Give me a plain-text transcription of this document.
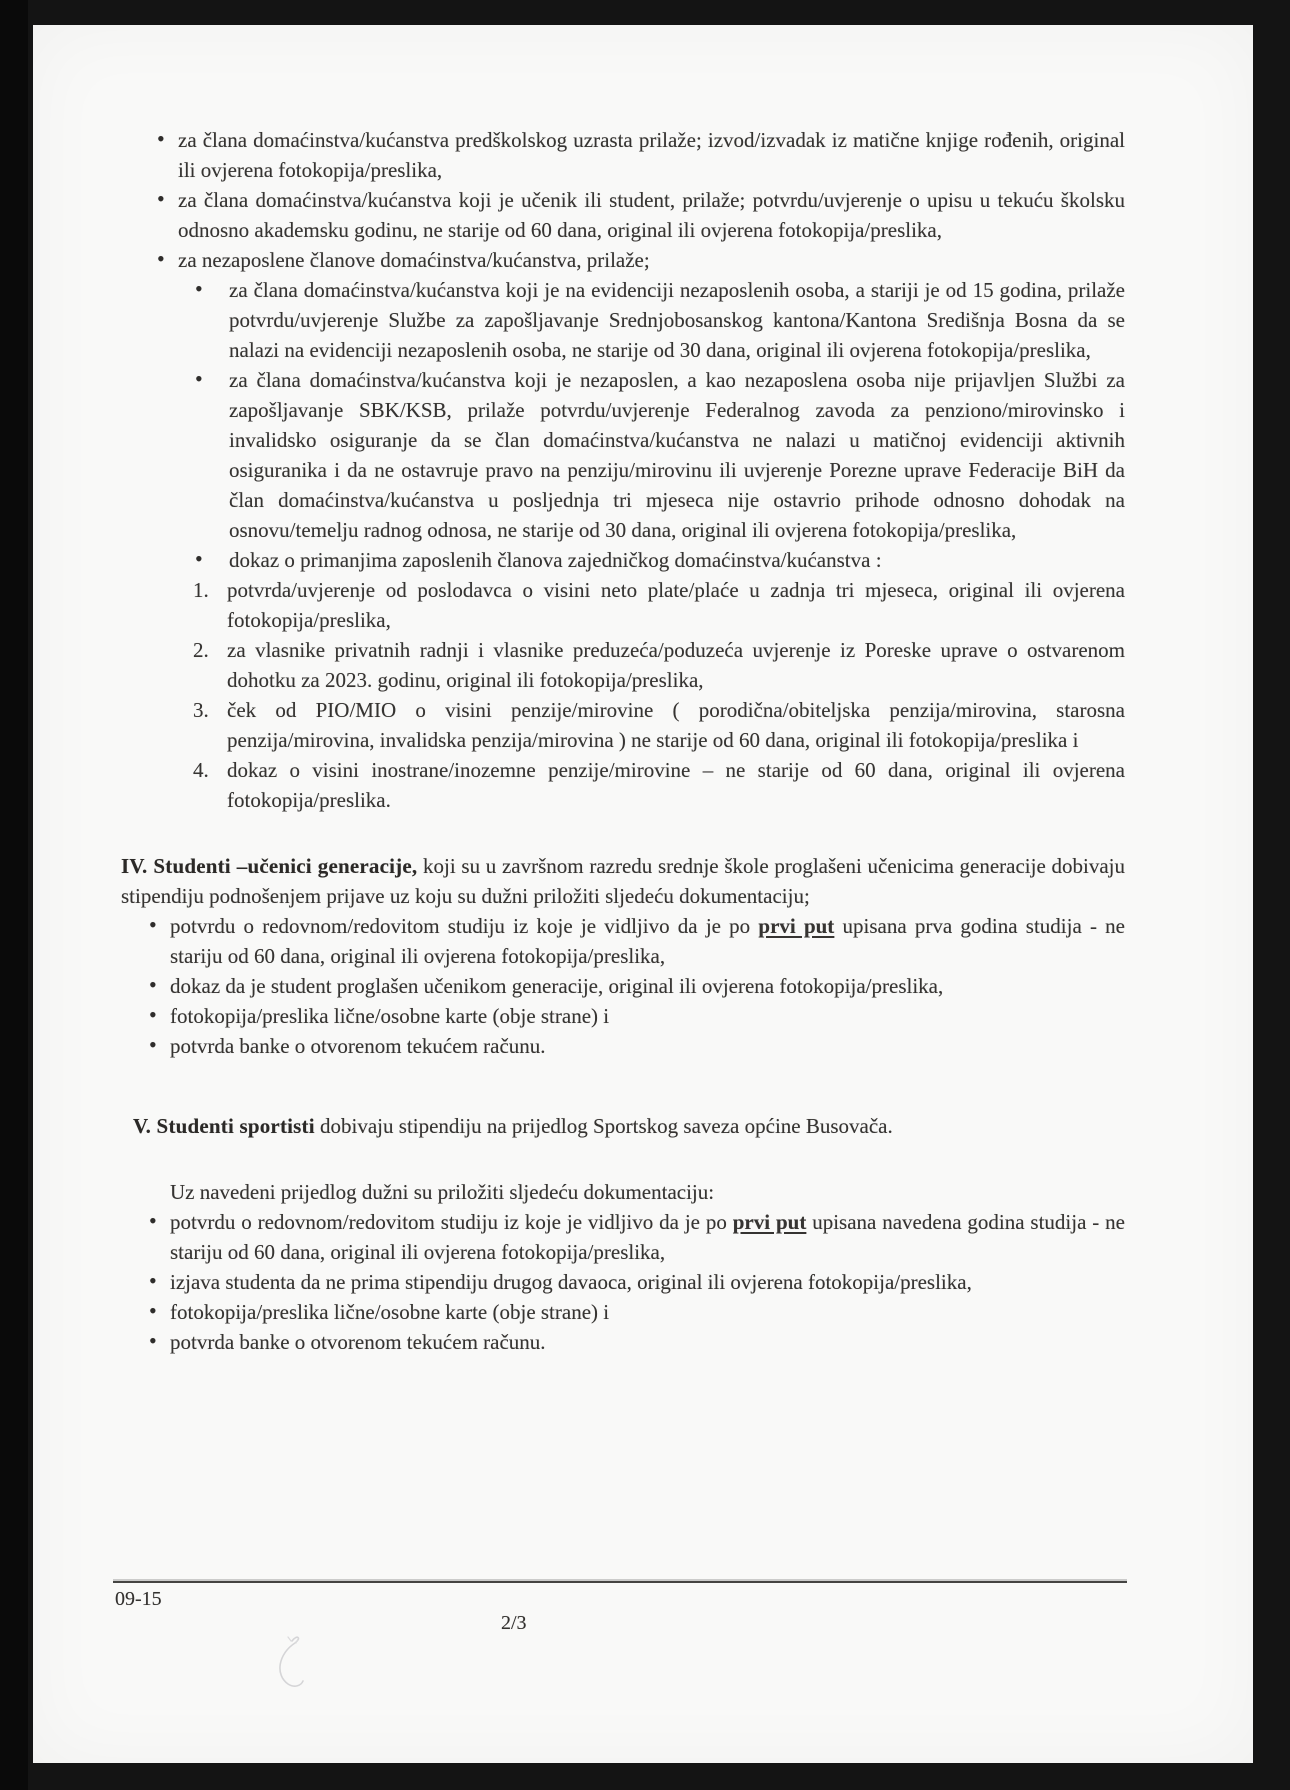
• za člana domaćinstva/kućanstva predškolskog uzrasta prilaže; izvod/izvadak iz matične knjige rođenih, original ili ovjerena fotokopija/preslika,
• za člana domaćinstva/kućanstva koji je učenik ili student, prilaže; potvrdu/uvjerenje o upisu u tekuću školsku odnosno akademsku godinu, ne starije od 60 dana, original ili ovjerena fotokopija/preslika,
• za nezaposlene članove domaćinstva/kućanstva, prilaže;
• za člana domaćinstva/kućanstva koji je na evidenciji nezaposlenih osoba, a stariji je od 15 godina, prilaže potvrdu/uvjerenje Službe za zapošljavanje Srednjobosanskog kantona/Kantona Središnja Bosna da se nalazi na evidenciji nezaposlenih osoba, ne starije od 30 dana, original ili ovjerena fotokopija/preslika,
• za člana domaćinstva/kućanstva koji je nezaposlen, a kao nezaposlena osoba nije prijavljen Službi za zapošljavanje SBK/KSB, prilaže potvrdu/uvjerenje Federalnog zavoda za penziono/mirovinsko i invalidsko osiguranje da se član domaćinstva/kućanstva ne nalazi u matičnoj evidenciji aktivnih osiguranika i da ne ostavruje pravo na penziju/mirovinu ili uvjerenje Porezne uprave Federacije BiH da član domaćinstva/kućanstva u posljednja tri mjeseca nije ostavrio prihode odnosno dohodak na osnovu/temelju radnog odnosa, ne starije od 30 dana, original ili ovjerena fotokopija/preslika,
• dokaz o primanjima zaposlenih članova zajedničkog domaćinstva/kućanstva :
1. potvrda/uvjerenje od poslodavca o visini neto plate/plaće u zadnja tri mjeseca, original ili ovjerena fotokopija/preslika,
2. za vlasnike privatnih radnji i vlasnike preduzeća/poduzeća uvjerenje iz Poreske uprave o ostvarenom dohotku za 2023. godinu, original ili fotokopija/preslika,
3. ček od PIO/MIO o visini penzije/mirovine ( porodična/obiteljska penzija/mirovina, starosna penzija/mirovina, invalidska penzija/mirovina ) ne starije od 60 dana, original ili fotokopija/preslika i
4. dokaz o visini inostrane/inozemne penzije/mirovine – ne starije od 60 dana, original ili ovjerena fotokopija/preslika.

IV. Studenti –učenici generacije, koji su u završnom razredu srednje škole proglašeni učenicima generacije dobivaju stipendiju podnošenjem prijave uz koju su dužni priložiti sljedeću dokumentaciju;

• potvrdu o redovnom/redovitom studiju iz koje je vidljivo da je po prvi put upisana prva godina studija - ne stariju od 60 dana, original ili ovjerena fotokopija/preslika,
• dokaz da je student proglašen učenikom generacije, original ili ovjerena fotokopija/preslika,
• fotokopija/preslika lične/osobne karte (obje strane) i
• potvrda banke o otvorenom tekućem računu.

V. Studenti sportisti dobivaju stipendiju na prijedlog Sportskog saveza općine Busovača.

Uz navedeni prijedlog dužni su priložiti sljedeću dokumentaciju:

• potvrdu o redovnom/redovitom studiju iz koje je vidljivo da je po prvi put upisana navedena godina studija - ne stariju od 60 dana, original ili ovjerena fotokopija/preslika,
• izjava studenta da ne prima stipendiju drugog davaoca, original ili ovjerena fotokopija/preslika,
• fotokopija/preslika lične/osobne karte (obje strane) i
• potvrda banke o otvorenom tekućem računu.
09-15
2/3
